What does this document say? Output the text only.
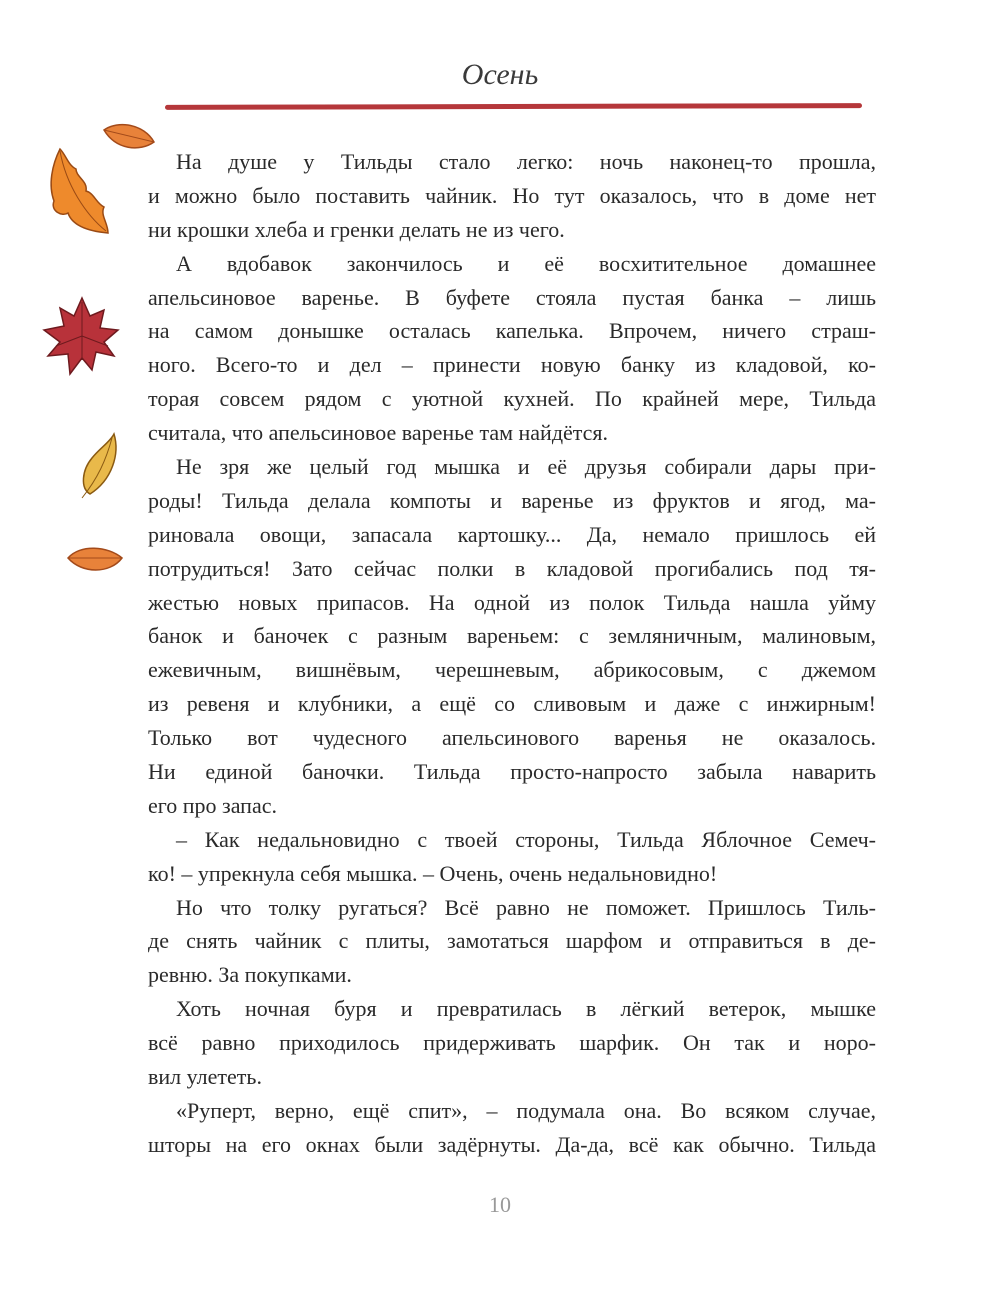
Осень
На душе у Тильды стало легко: ночь наконец-то прошла,
и можно было поставить чайник. Но тут оказалось, что в доме нет
ни крошки хлеба и гренки делать не из чего.
А вдобавок закончилось и её восхитительное домашнее
апельсиновое варенье. В буфете стояла пустая банка – лишь
на самом донышке осталась капелька. Впрочем, ничего страш-
ного. Всего-то и дел – принести новую банку из кладовой, ко-
торая совсем рядом с уютной кухней. По крайней мере, Тильда
считала, что апельсиновое варенье там найдётся.
Не зря же целый год мышка и её друзья собирали дары при-
роды! Тильда делала компоты и варенье из фруктов и ягод, ма-
риновала овощи, запасала картошку... Да, немало пришлось ей
потрудиться! Зато сейчас полки в кладовой прогибались под тя-
жестью новых припасов. На одной из полок Тильда нашла уйму
банок и баночек с разным вареньем: с земляничным, малиновым,
ежевичным, вишнёвым, черешневым, абрикосовым, с джемом
из ревеня и клубники, а ещё со сливовым и даже с инжирным!
Только вот чудесного апельсинового варенья не оказалось.
Ни единой баночки. Тильда просто-напросто забыла наварить
его про запас.
– Как недальновидно с твоей стороны, Тильда Яблочное Семеч-
ко! – упрекнула себя мышка. – Очень, очень недальновидно!
Но что толку ругаться? Всё равно не поможет. Пришлось Тиль-
де снять чайник с плиты, замотаться шарфом и отправиться в де-
ревню. За покупками.
Хоть ночная буря и превратилась в лёгкий ветерок, мышке
всё равно приходилось придерживать шарфик. Он так и норо-
вил улететь.
«Руперт, верно, ещё спит», – подумала она. Во всяком случае,
шторы на его окнах были задёрнуты. Да-да, всё как обычно. Тильда
10
